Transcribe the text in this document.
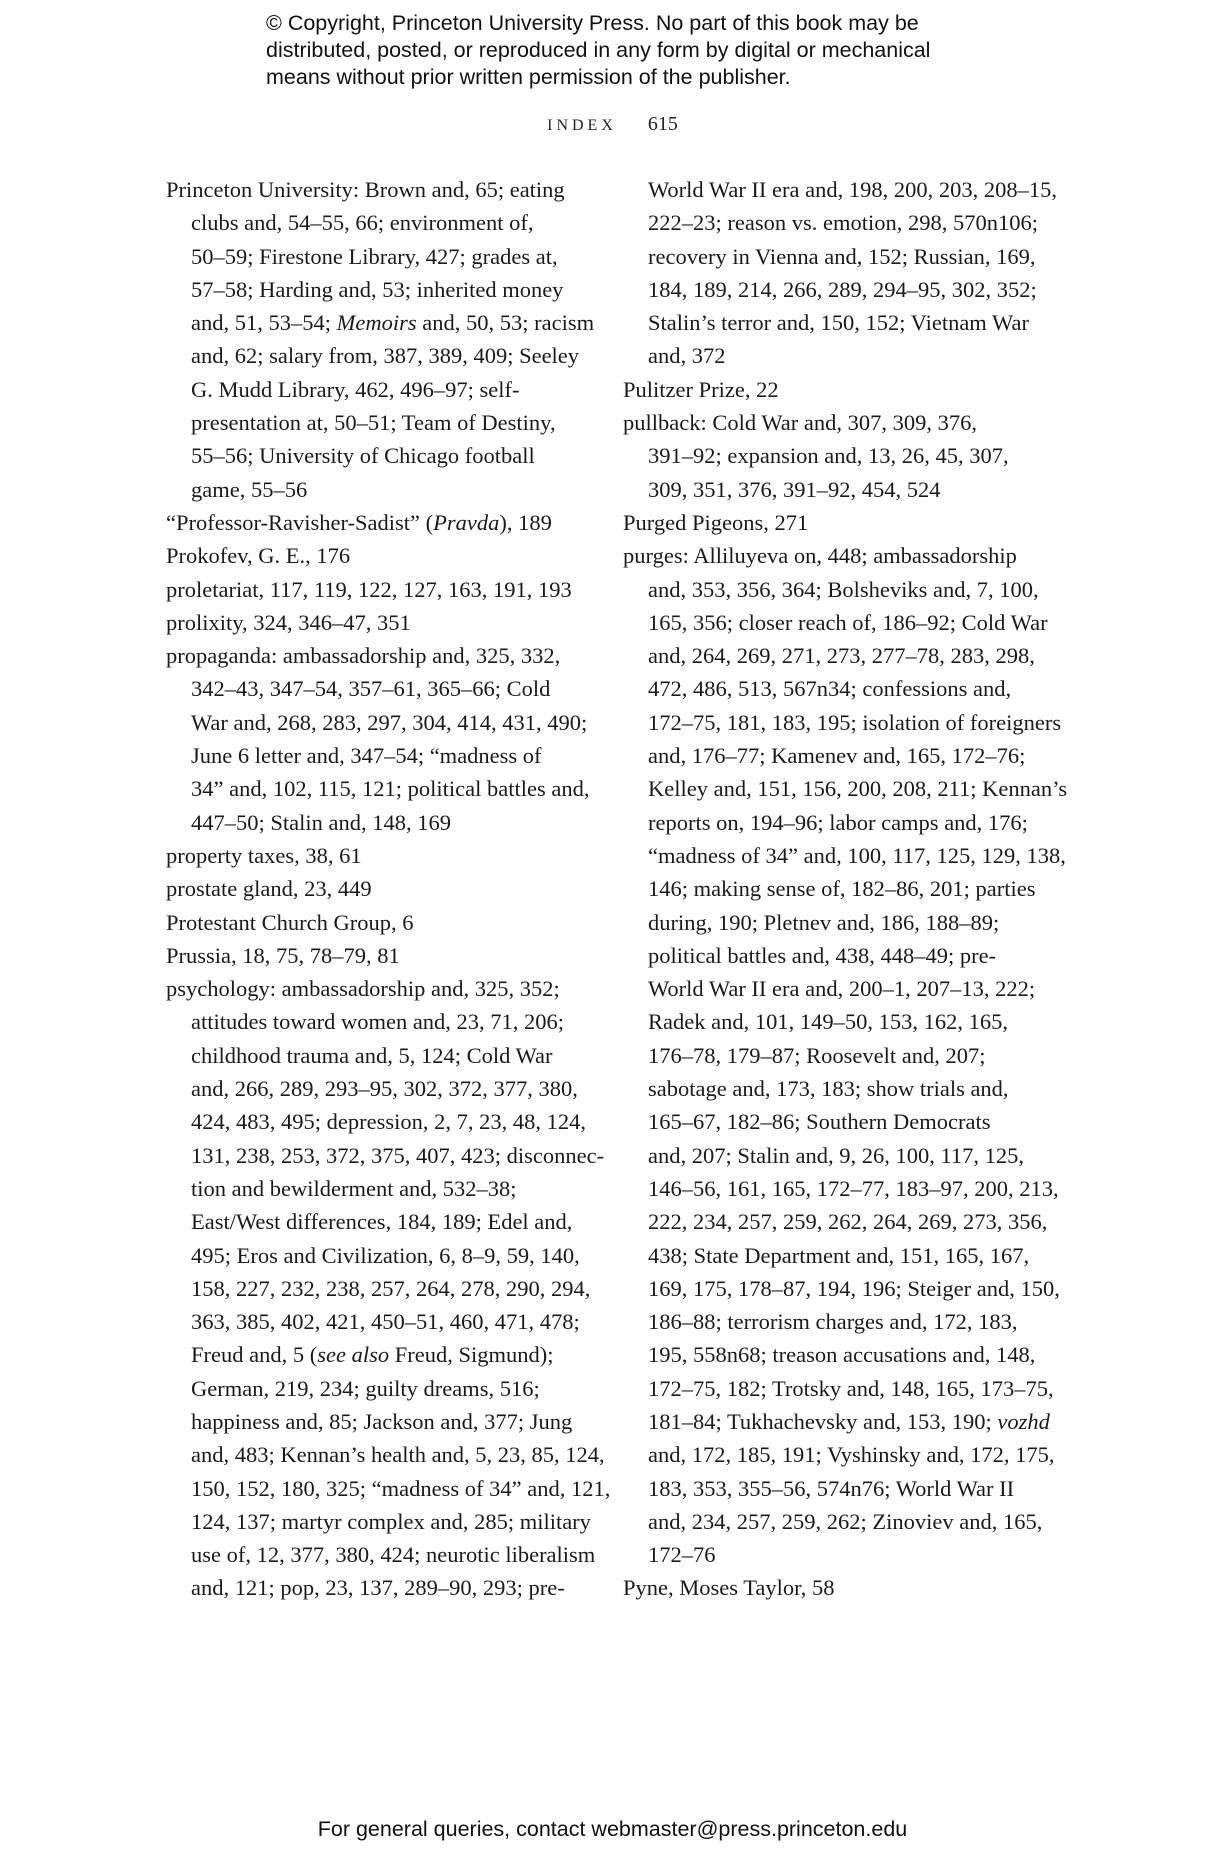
© Copyright, Princeton University Press. No part of this book may be
distributed, posted, or reproduced in any form by digital or mechanical
means without prior written permission of the publisher.
INDEX 615
Princeton University: Brown and, 65; eating
clubs and, 54–55, 66; environment of,
50–59; Firestone Library, 427; grades at,
57–58; Harding and, 53; inherited money
and, 51, 53–54; Memoirs and, 50, 53; racism
and, 62; salary from, 387, 389, 409; Seeley
G. Mudd Library, 462, 496–97; self-
presentation at, 50–51; Team of Destiny,
55–56; University of Chicago football
game, 55–56
“Professor-Ravisher-Sadist” (Pravda), 189
Prokofev, G. E., 176
proletariat, 117, 119, 122, 127, 163, 191, 193
prolixity, 324, 346–47, 351
propaganda: ambassadorship and, 325, 332,
342–43, 347–54, 357–61, 365–66; Cold
War and, 268, 283, 297, 304, 414, 431, 490;
June 6 letter and, 347–54; “madness of
34” and, 102, 115, 121; political battles and,
447–50; Stalin and, 148, 169
property taxes, 38, 61
prostate gland, 23, 449
Protestant Church Group, 6
Prussia, 18, 75, 78–79, 81
psychology: ambassadorship and, 325, 352;
attitudes toward women and, 23, 71, 206;
childhood trauma and, 5, 124; Cold War
and, 266, 289, 293–95, 302, 372, 377, 380,
424, 483, 495; depression, 2, 7, 23, 48, 124,
131, 238, 253, 372, 375, 407, 423; disconnec-
tion and bewilderment and, 532–38;
East/West differences, 184, 189; Edel and,
495; Eros and Civilization, 6, 8–9, 59, 140,
158, 227, 232, 238, 257, 264, 278, 290, 294,
363, 385, 402, 421, 450–51, 460, 471, 478;
Freud and, 5 (see also Freud, Sigmund);
German, 219, 234; guilty dreams, 516;
happiness and, 85; Jackson and, 377; Jung
and, 483; Kennan’s health and, 5, 23, 85, 124,
150, 152, 180, 325; “madness of 34” and, 121,
124, 137; martyr complex and, 285; military
use of, 12, 377, 380, 424; neurotic liberalism
and, 121; pop, 23, 137, 289–90, 293; pre-
World War II era and, 198, 200, 203, 208–15,
222–23; reason vs. emotion, 298, 570n106;
recovery in Vienna and, 152; Russian, 169,
184, 189, 214, 266, 289, 294–95, 302, 352;
Stalin’s terror and, 150, 152; Vietnam War
and, 372
Pulitzer Prize, 22
pullback: Cold War and, 307, 309, 376,
391–92; expansion and, 13, 26, 45, 307,
309, 351, 376, 391–92, 454, 524
Purged Pigeons, 271
purges: Alliluyeva on, 448; ambassadorship
and, 353, 356, 364; Bolsheviks and, 7, 100,
165, 356; closer reach of, 186–92; Cold War
and, 264, 269, 271, 273, 277–78, 283, 298,
472, 486, 513, 567n34; confessions and,
172–75, 181, 183, 195; isolation of foreigners
and, 176–77; Kamenev and, 165, 172–76;
Kelley and, 151, 156, 200, 208, 211; Kennan’s
reports on, 194–96; labor camps and, 176;
“madness of 34” and, 100, 117, 125, 129, 138,
146; making sense of, 182–86, 201; parties
during, 190; Pletnev and, 186, 188–89;
political battles and, 438, 448–49; pre-
World War II era and, 200–1, 207–13, 222;
Radek and, 101, 149–50, 153, 162, 165,
176–78, 179–87; Roosevelt and, 207;
sabotage and, 173, 183; show trials and,
165–67, 182–86; Southern Democrats
and, 207; Stalin and, 9, 26, 100, 117, 125,
146–56, 161, 165, 172–77, 183–97, 200, 213,
222, 234, 257, 259, 262, 264, 269, 273, 356,
438; State Department and, 151, 165, 167,
169, 175, 178–87, 194, 196; Steiger and, 150,
186–88; terrorism charges and, 172, 183,
195, 558n68; treason accusations and, 148,
172–75, 182; Trotsky and, 148, 165, 173–75,
181–84; Tukhachevsky and, 153, 190; vozhd
and, 172, 185, 191; Vyshinsky and, 172, 175,
183, 353, 355–56, 574n76; World War II
and, 234, 257, 259, 262; Zinoviev and, 165,
172–76
Pyne, Moses Taylor, 58
For general queries, contact webmaster@press.princeton.edu
